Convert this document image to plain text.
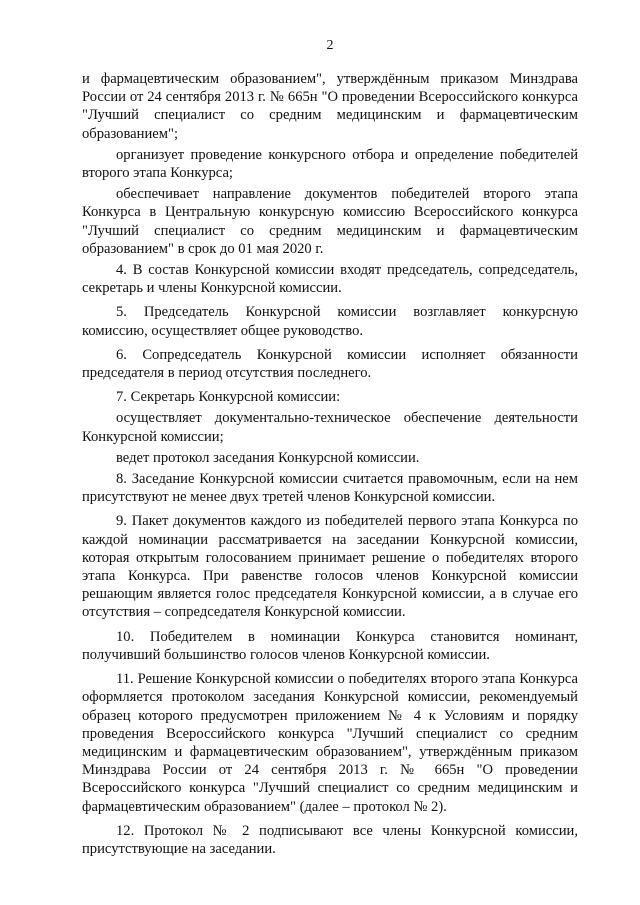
2

и фармацевтическим образованием", утверждённым приказом Минздрава России от 24 сентября 2013 г. № 665н "О проведении Всероссийского конкурса "Лучший специалист со средним медицинским и фармацевтическим образованием";

организует проведение конкурсного отбора и определение победителей второго этапа Конкурса;

обеспечивает направление документов победителей второго этапа Конкурса в Центральную конкурсную комиссию Всероссийского конкурса "Лучший специалист со средним медицинским и фармацевтическим образованием" в срок до 01 мая 2020 г.

4. В состав Конкурсной комиссии входят председатель, сопредседатель, секретарь и члены Конкурсной комиссии.

5. Председатель Конкурсной комиссии возглавляет конкурсную комиссию, осуществляет общее руководство.

6. Сопредседатель Конкурсной комиссии исполняет обязанности председателя в период отсутствия последнего.

7. Секретарь Конкурсной комиссии:

осуществляет документально-техническое обеспечение деятельности Конкурсной комиссии;

ведет протокол заседания Конкурсной комиссии.

8. Заседание Конкурсной комиссии считается правомочным, если на нем присутствуют не менее двух третей членов Конкурсной комиссии.

9. Пакет документов каждого из победителей первого этапа Конкурса по каждой номинации рассматривается на заседании Конкурсной комиссии, которая открытым голосованием принимает решение о победителях второго этапа Конкурса. При равенстве голосов членов Конкурсной комиссии решающим является голос председателя Конкурсной комиссии, а в случае его отсутствия – сопредседателя Конкурсной комиссии.

10. Победителем в номинации Конкурса становится номинант, получивший большинство голосов членов Конкурсной комиссии.

11. Решение Конкурсной комиссии о победителях второго этапа Конкурса оформляется протоколом заседания Конкурсной комиссии, рекомендуемый образец которого предусмотрен приложением № 4 к Условиям и порядку проведения Всероссийского конкурса "Лучший специалист со средним медицинским и фармацевтическим образованием", утверждённым приказом Минздрава России от 24 сентября 2013 г. № 665н "О проведении Всероссийского конкурса "Лучший специалист со средним медицинским и фармацевтическим образованием" (далее – протокол № 2).

12. Протокол № 2 подписывают все члены Конкурсной комиссии, присутствующие на заседании.
